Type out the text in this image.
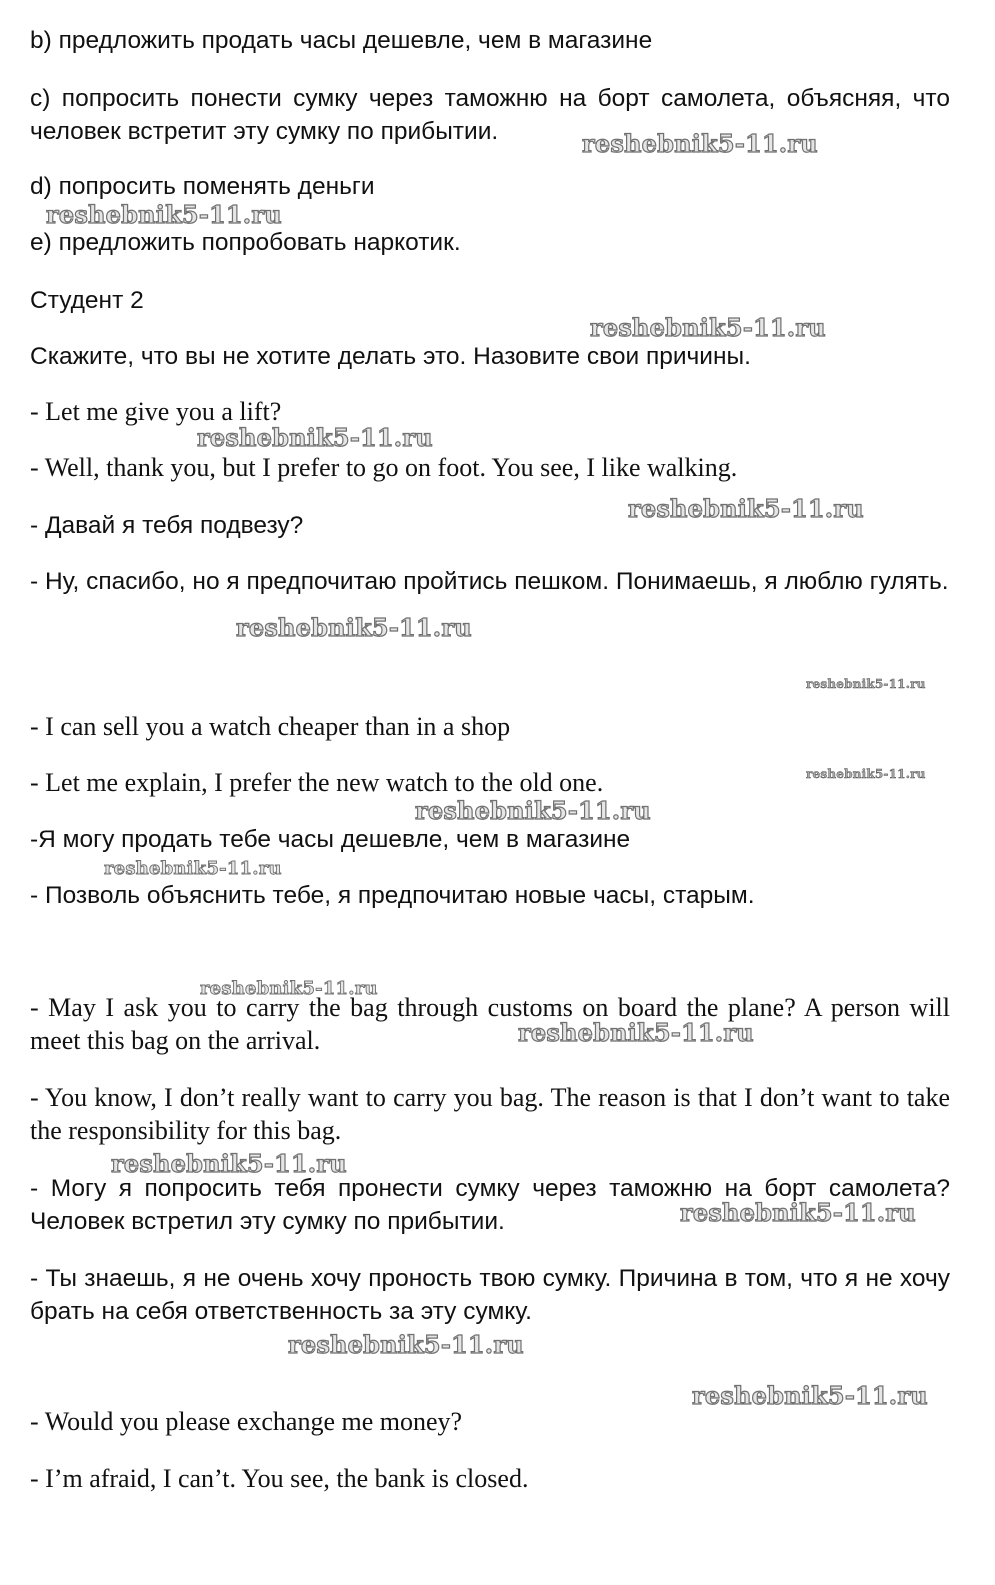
b) предложить продать часы дешевле, чем в магазине
c) попросить понести сумку через таможню на борт самолета, объясняя, что человек встретит эту сумку по прибытии.
d) попросить поменять деньги
e) предложить попробовать наркотик.
Студент 2
Скажите, что вы не хотите делать это. Назовите свои причины.
- Let me give you a lift?
- Well, thank you, but I prefer to go on foot. You see, I like walking.
- Давай я тебя подвезу?
- Ну, спасибо, но я предпочитаю пройтись пешком. Понимаешь, я люблю гулять.
- I can sell you a watch cheaper than in a shop
- Let me explain, I prefer the new watch to the old one.
-Я могу продать тебе часы дешевле, чем в магазине
- Позволь объяснить тебе, я предпочитаю новые часы, старым.
- May I ask you to carry the bag through customs on board the plane? A person will meet this bag on the arrival.
- You know, I don’t really want to carry you bag. The reason is that I don’t want to take the responsibility for this bag.
- Могу я попросить тебя пронести сумку через таможню на борт самолета? Человек встретил эту сумку по прибытии.
- Ты знаешь, я не очень хочу проность твою сумку. Причина в том, что я не хочу брать на себя ответственность за эту сумку.
- Would you please exchange me money?
- I’m afraid, I can’t. You see, the bank is closed.
reshebnik5-11.ru
reshebnik5-11.ru
reshebnik5-11.ru
reshebnik5-11.ru
reshebnik5-11.ru
reshebnik5-11.ru
reshebnik5-11.ru
reshebnik5-11.ru
reshebnik5-11.ru
reshebnik5-11.ru
reshebnik5-11.ru
reshebnik5-11.ru
reshebnik5-11.ru
reshebnik5-11.ru
reshebnik5-11.ru
reshebnik5-11.ru
